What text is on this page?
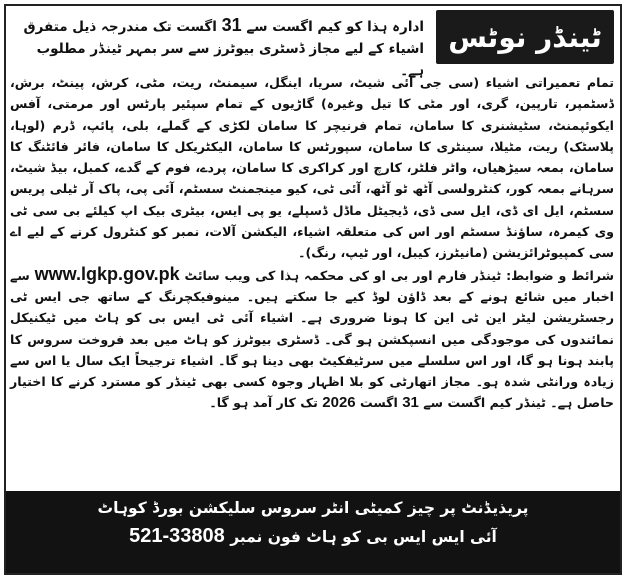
ٹینڈر نوٹس
ادارہ ہذا کو کیم اگست سے 31 اگست تک مندرجہ ذیل متفرق اشیاء کے لیے مجاز ڈسٹری بیوٹرز سے سر بمہر ٹینڈر مطلوب ہے۔

تمام تعمیراتی اشیاء (سی جی آئی شیٹ، سریا، اینگل، سیمنٹ، ریت، مٹی، کرش، پینٹ، برش، ڈسٹمپر، تارپین، گری، اور مٹی کا تیل وغیرہ) گاڑیوں کے تمام سپئیر پارٹس اور مرمتی، آفس ایکوئپمنٹ، سٹیشنری کا سامان، تمام فرنیچر کا سامان لکڑی کے گملے، بلی، پائپ، ڈرم (لوہا، پلاسٹک) ریت، مٹیلا، سینٹری کا سامان، سپورٹس کا سامان، الیکٹریکل کا سامان، فائر فائٹنگ کا سامان، بمعہ سیڑھیاں، واٹر فلٹر، کارچ اور کراکری کا سامان، پردے، فوم کے گدے، کمبل، بیڈ شیٹ، سرہانے بمعہ کور، کنٹرولسی آٹھ ٹو آٹھ، آئی ٹی، کیو مینجمنٹ سسٹم، آئی پی، پاک آر ٹیلی پریس سسٹم، ایل ای ڈی، ایل سی ڈی، ڈیجیٹل ماڈل ڈسپلے، یو پی ایس، بیٹری بیک اپ کیلئے بی سی ٹی وی کیمرہ، ساؤنڈ سسٹم اور اس کی متعلقہ اشیاء، الیکشن آلات، نمبر کو کنٹرول کرنے کے لیے اے سی کمپیوٹرائزیشن (مانیٹرز، کیبل، اور ٹیپ، رنگ)۔

شرائط و ضوابط: ٹینڈر فارم اور بی او کی محکمہ ہذا کی ویب سائٹ www.lgkp.gov.pk سے اخبار میں شائع ہونے کے بعد ڈاؤن لوڈ کیے جا سکتے ہیں۔ مینوفیکچرنگ کے ساتھ جی ایس ٹی رجسٹریشن لیٹر این ٹی این کا ہونا ضروری ہے۔ اشیاء آئی ٹی ایس بی کو ہاٹ میں ٹیکنیکل نمائندوں کی موجودگی میں انسپکشن ہو گی۔ ڈسٹری بیوٹرز کو ہاٹ میں بعد فروخت سروس کا پابند ہونا ہو گا، اور اس سلسلے میں سرٹیفکیٹ بھی دینا ہو گا۔ اشیاء ترجیحاً ایک سال یا اس سے زیادہ ورانٹی شدہ ہو۔ مجاز اتھارٹی کو بلا اظہار وجوہ کسی بھی ٹینڈر کو مسترد کرنے کا اختیار حاصل ہے۔ ٹینڈر کیم اگست سے 31 اگست 2026 تک کار آمد ہو گا۔

پریذیڈنٹ پر چیز کمیٹی انٹر سروس سلیکشن بورڈ کوہاٹ
آئی ایس ایس بی کو ہاٹ فون نمبر 521-33808
